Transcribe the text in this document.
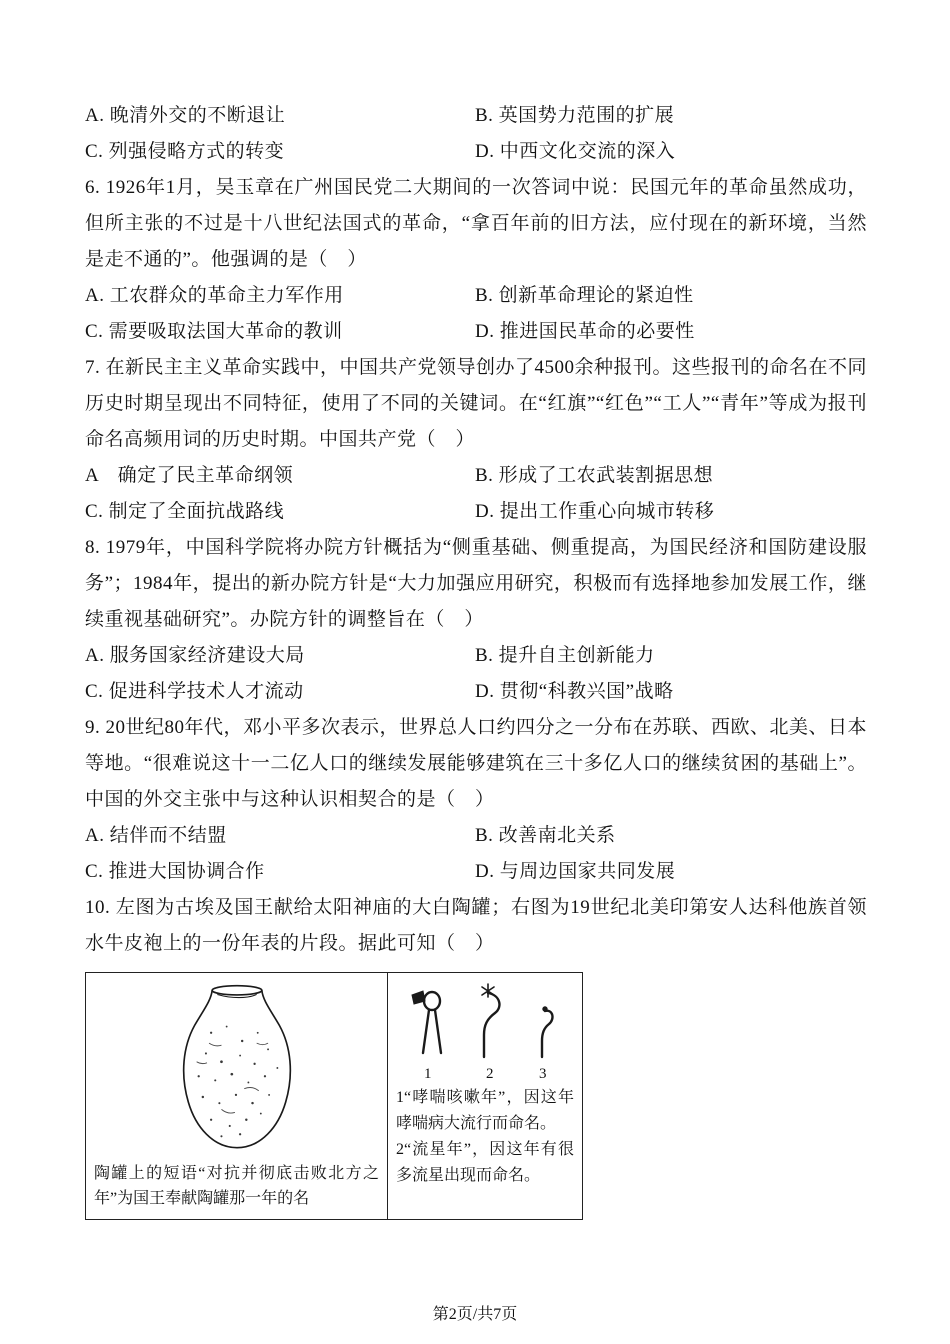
A. 晚清外交的不断退让	B. 英国势力范围的扩展
C. 列强侵略方式的转变	D. 中西文化交流的深入

6. 1926年1月，吴玉章在广州国民党二大期间的一次答词中说：民国元年的革命虽然成功，但所主张的不过是十八世纪法国式的革命，“拿百年前的旧方法，应付现在的新环境，当然是走不通的”。他强调的是（　）

A. 工农群众的革命主力军作用	B. 创新革命理论的紧迫性
C. 需要吸取法国大革命的教训	D. 推进国民革命的必要性

7. 在新民主主义革命实践中，中国共产党领导创办了4500余种报刊。这些报刊的命名在不同历史时期呈现出不同特征，使用了不同的关键词。在“红旗”“红色”“工人”“青年”等成为报刊命名高频用词的历史时期。中国共产党（　）

A　确定了民主革命纲领	B. 形成了工农武装割据思想
C. 制定了全面抗战路线	D. 提出工作重心向城市转移

8. 1979年，中国科学院将办院方针概括为“侧重基础、侧重提高，为国民经济和国防建设服务”；1984年，提出的新办院方针是“大力加强应用研究，积极而有选择地参加发展工作，继续重视基础研究”。办院方针的调整旨在（　）

A. 服务国家经济建设大局	B. 提升自主创新能力
C. 促进科学技术人才流动	D. 贯彻“科教兴国”战略

9. 20世纪80年代，邓小平多次表示，世界总人口约四分之一分布在苏联、西欧、北美、日本等地。“很难说这十一二亿人口的继续发展能够建筑在三十多亿人口的继续贫困的基础上”。中国的外交主张中与这种认识相契合的是（　）

A. 结伴而不结盟	B. 改善南北关系
C. 推进大国协调合作	D. 与周边国家共同发展

10. 左图为古埃及国王献给太阳神庙的大白陶罐；右图为19世纪北美印第安人达科他族首领水牛皮袍上的一份年表的片段。据此可知（　）

陶罐上的短语“对抗并彻底击败北方之年”为国王奉献陶罐那一年的名

1	2	3

1“哮喘咳嗽年”，因这年哮喘病大流行而命名。

2“流星年”，因这年有很多流星出现而命名。

第2页/共7页
